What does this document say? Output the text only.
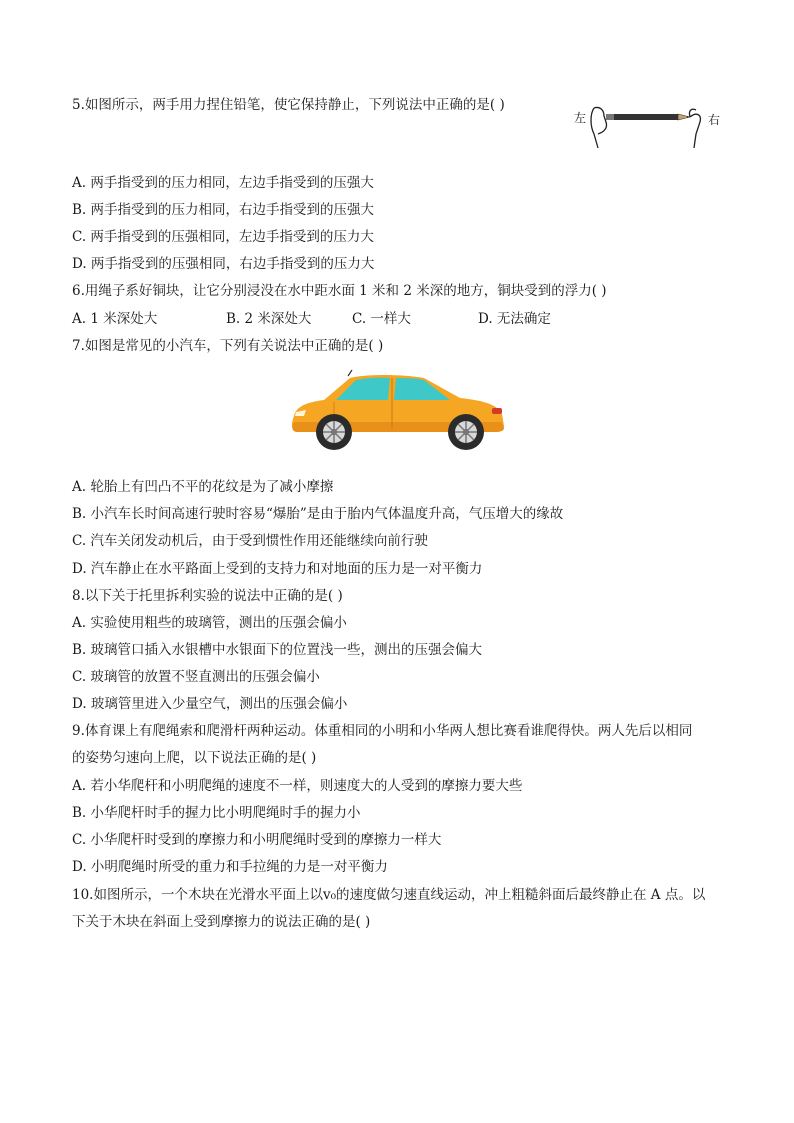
5.如图所示，两手用力捏住铅笔，使它保持静止，下列说法中正确的是( )
左	右
A. 两手指受到的压力相同，左边手指受到的压强大
B. 两手指受到的压力相同，右边手指受到的压强大
C. 两手指受到的压强相同，左边手指受到的压力大
D. 两手指受到的压强相同，右边手指受到的压力大
6.用绳子系好铜块，让它分别浸没在水中距水面 1 米和 2 米深的地方，铜块受到的浮力( )
A. 1 米深处大	B. 2 米深处大	C. 一样大	D. 无法确定
7.如图是常见的小汽车，下列有关说法中正确的是( )
A. 轮胎上有凹凸不平的花纹是为了减小摩擦
B. 小汽车长时间高速行驶时容易“爆胎”是由于胎内气体温度升高，气压增大的缘故
C. 汽车关闭发动机后，由于受到惯性作用还能继续向前行驶
D. 汽车静止在水平路面上受到的支持力和对地面的压力是一对平衡力
8.以下关于托里拆利实验的说法中正确的是( )
A. 实验使用粗些的玻璃管，测出的压强会偏小
B. 玻璃管口插入水银槽中水银面下的位置浅一些，测出的压强会偏大
C. 玻璃管的放置不竖直测出的压强会偏小
D. 玻璃管里进入少量空气，测出的压强会偏小
9.体育课上有爬绳索和爬滑杆两种运动。体重相同的小明和小华两人想比赛看谁爬得快。两人先后以相同
的姿势匀速向上爬，以下说法正确的是( )
A. 若小华爬杆和小明爬绳的速度不一样，则速度大的人受到的摩擦力要大些
B. 小华爬杆时手的握力比小明爬绳时手的握力小
C. 小华爬杆时受到的摩擦力和小明爬绳时受到的摩擦力一样大
D. 小明爬绳时所受的重力和手拉绳的力是一对平衡力
10.如图所示，一个木块在光滑水平面上以v₀的速度做匀速直线运动，冲上粗糙斜面后最终静止在 A 点。以
下关于木块在斜面上受到摩擦力的说法正确的是( )
